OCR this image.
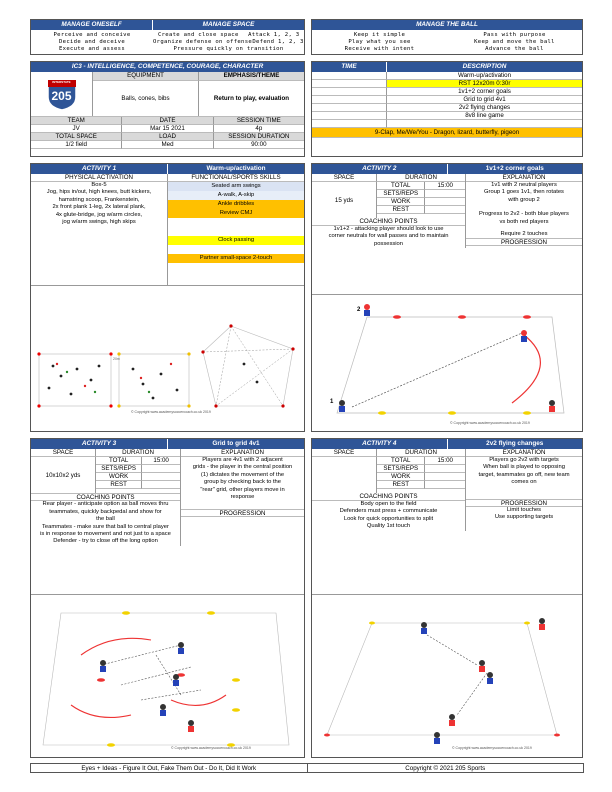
MANAGE ONESELF	MANAGE SPACE
Perceive and conceive
Decide and deceive
Execute and assess
Create and close space	Attack 1, 2, 3
Organize defense on offense Defend 1, 2, 3
Pressure quickly on transition
MANAGE THE BALL
Keep it simple
Play what you see
Receive with intent
Pass with purpose
Keep and move the ball
Advance the ball
IC3 - INTELLIGENCE, COMPETENCE, COURAGE, CHARACTER
INTERSTATE
205
EQUIPMENT	EMPHASIS/THEME
Balls, cones, bibs	Return to play, evaluation
TEAM	DATE	SESSION TIME
JV	Mar 15 2021	4p
TOTAL SPACE	LOAD	SESSION DURATION
1/2 field	Med	90:00
TIME	DESCRIPTION
Warm-up/activation
RST 12x20m 0:30r
1v1+2 corner goals
Grid to grid 4v1
2v2 flying changes
8v8 line game
9-Clap, Me/We/You - Dragon, lizard, butterfly, pigeon
ACTIVITY 1	Warm-up/activation
PHYSICAL ACTIVATION	FUNCTIONAL/SPORTS SKILLS
Box-5
Jog, hips in/out, high knees, butt kickers,
hamstring scoop, Frankenstein,
2x front plank 1-leg, 2x lateral plank,
4x glute-bridge, jog w/arm circles,
jog w/arm swings, high skips
Seated arm swings
A-walk, A-skip
Ankle dribbles
Review CMJ
Clock passing
Partner small-space 2-touch
20m
© Copyright www.academysoccercoach.co.uk 2019
ACTIVITY 2	1v1+2 corner goals
SPACE	DURATION
15 yds
TOTAL	15:00
SETS/REPS
WORK
REST
COACHING POINTS
1v1+2 - attacking player should look to use
corner neutrals for wall passes and to maintain
possession
EXPLANATION
1v1 with 2 neutral players
Group 1 goes 1v1, then rotates
with group 2
Progress to 2v2 - both blue players
vs both red players
Require 2 touches
PROGRESSION
2
1
© Copyright www.academysoccercoach.co.uk 2019
ACTIVITY 3	Grid to grid 4v1
SPACE	DURATION
10x10x2 yds
TOTAL	15:00
SETS/REPS
WORK
REST
EXPLANATION
Players are 4v1 with 2 adjacent
grids - the player in the central position
(1) dictates the movement of the
group by checking back to the
"rear" grid, other players move in
response
COACHING POINTS
Rear player - anticipate option as ball moves thru
teammates, quickly backpedal and show for
the ball
Teammates - make sure that ball to central player
is in response to movement and not just to a space
Defender - try to close off the long option
PROGRESSION
© Copyright www.academysoccercoach.co.uk 2019
ACTIVITY 4	2v2 flying changes
SPACE	DURATION
TOTAL	15:00
SETS/REPS
WORK
REST
COACHING POINTS
Body open to the field
Defenders must press + communicate
Look for quick opportunities to split
Quality 1st touch
EXPLANATION
Players go 2v2 with targets
When ball is played to opposing
target, teammates go off, new team
comes on
PROGRESSION
Limit touches
Use supporting targets
© Copyright www.academysoccercoach.co.uk 2019
Eyes + Ideas - Figure It Out, Fake Them Out - Do It, Did It Work	Copyright © 2021 205 Sports
